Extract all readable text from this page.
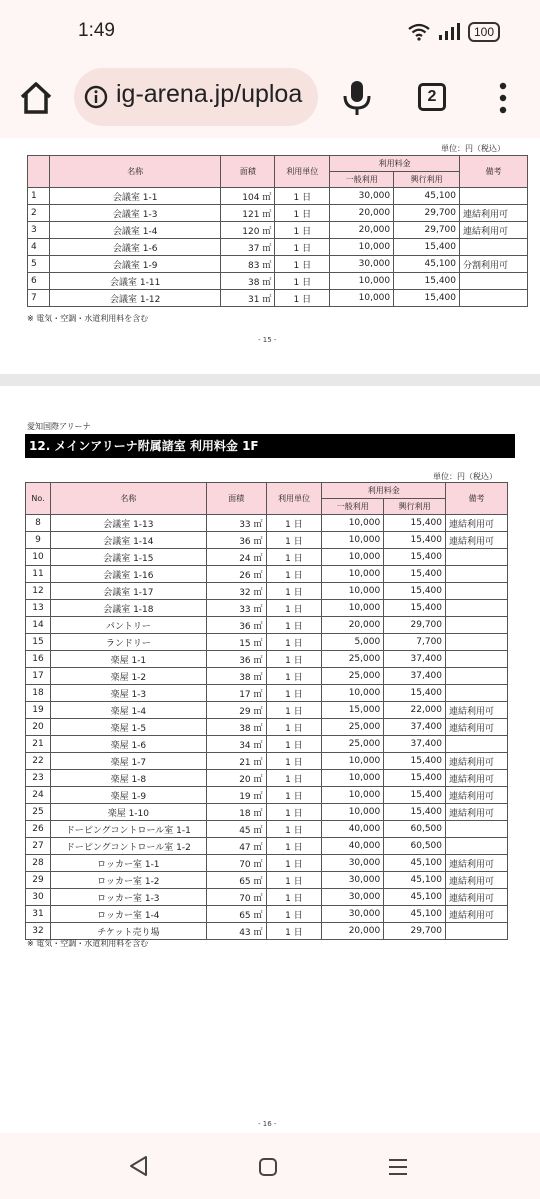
1:49	100
ig-arena.jp/uploa	2
単位：円（税込）
	名称	面積	利用単位	利用料金		備考
				一般利用	興行利用	
1	会議室 1-1	104 ㎡	1 日	30,000	45,100	
2	会議室 1-3	121 ㎡	1 日	20,000	29,700	連結利用可
3	会議室 1-4	120 ㎡	1 日	20,000	29,700	連結利用可
4	会議室 1-6	37 ㎡	1 日	10,000	15,400	
5	会議室 1-9	83 ㎡	1 日	30,000	45,100	分割利用可
6	会議室 1-11	38 ㎡	1 日	10,000	15,400	
7	会議室 1-12	31 ㎡	1 日	10,000	15,400	
※ 電気・空調・水道利用料を含む
- 15 -
愛知国際アリーナ
12. メインアリーナ附属諸室 利用料金 1F
単位：円（税込）
No.	名称	面積	利用単位	利用料金		備考
				一般利用	興行利用	
8	会議室 1-13	33 ㎡	1 日	10,000	15,400	連結利用可
9	会議室 1-14	36 ㎡	1 日	10,000	15,400	連結利用可
10	会議室 1-15	24 ㎡	1 日	10,000	15,400	
11	会議室 1-16	26 ㎡	1 日	10,000	15,400	
12	会議室 1-17	32 ㎡	1 日	10,000	15,400	
13	会議室 1-18	33 ㎡	1 日	10,000	15,400	
14	パントリー	36 ㎡	1 日	20,000	29,700	
15	ランドリー	15 ㎡	1 日	5,000	7,700	
16	楽屋 1-1	36 ㎡	1 日	25,000	37,400	
17	楽屋 1-2	38 ㎡	1 日	25,000	37,400	
18	楽屋 1-3	17 ㎡	1 日	10,000	15,400	
19	楽屋 1-4	29 ㎡	1 日	15,000	22,000	連結利用可
20	楽屋 1-5	38 ㎡	1 日	25,000	37,400	連結利用可
21	楽屋 1-6	34 ㎡	1 日	25,000	37,400	
22	楽屋 1-7	21 ㎡	1 日	10,000	15,400	連結利用可
23	楽屋 1-8	20 ㎡	1 日	10,000	15,400	連結利用可
24	楽屋 1-9	19 ㎡	1 日	10,000	15,400	連結利用可
25	楽屋 1-10	18 ㎡	1 日	10,000	15,400	連結利用可
26	ドーピングコントロール室 1-1	45 ㎡	1 日	40,000	60,500	
27	ドーピングコントロール室 1-2	47 ㎡	1 日	40,000	60,500	
28	ロッカー室 1-1	70 ㎡	1 日	30,000	45,100	連結利用可
29	ロッカー室 1-2	65 ㎡	1 日	30,000	45,100	連結利用可
30	ロッカー室 1-3	70 ㎡	1 日	30,000	45,100	連結利用可
31	ロッカー室 1-4	65 ㎡	1 日	30,000	45,100	連結利用可
32	チケット売り場	43 ㎡	1 日	20,000	29,700	
※ 電気・空調・水道利用料を含む
- 16 -
